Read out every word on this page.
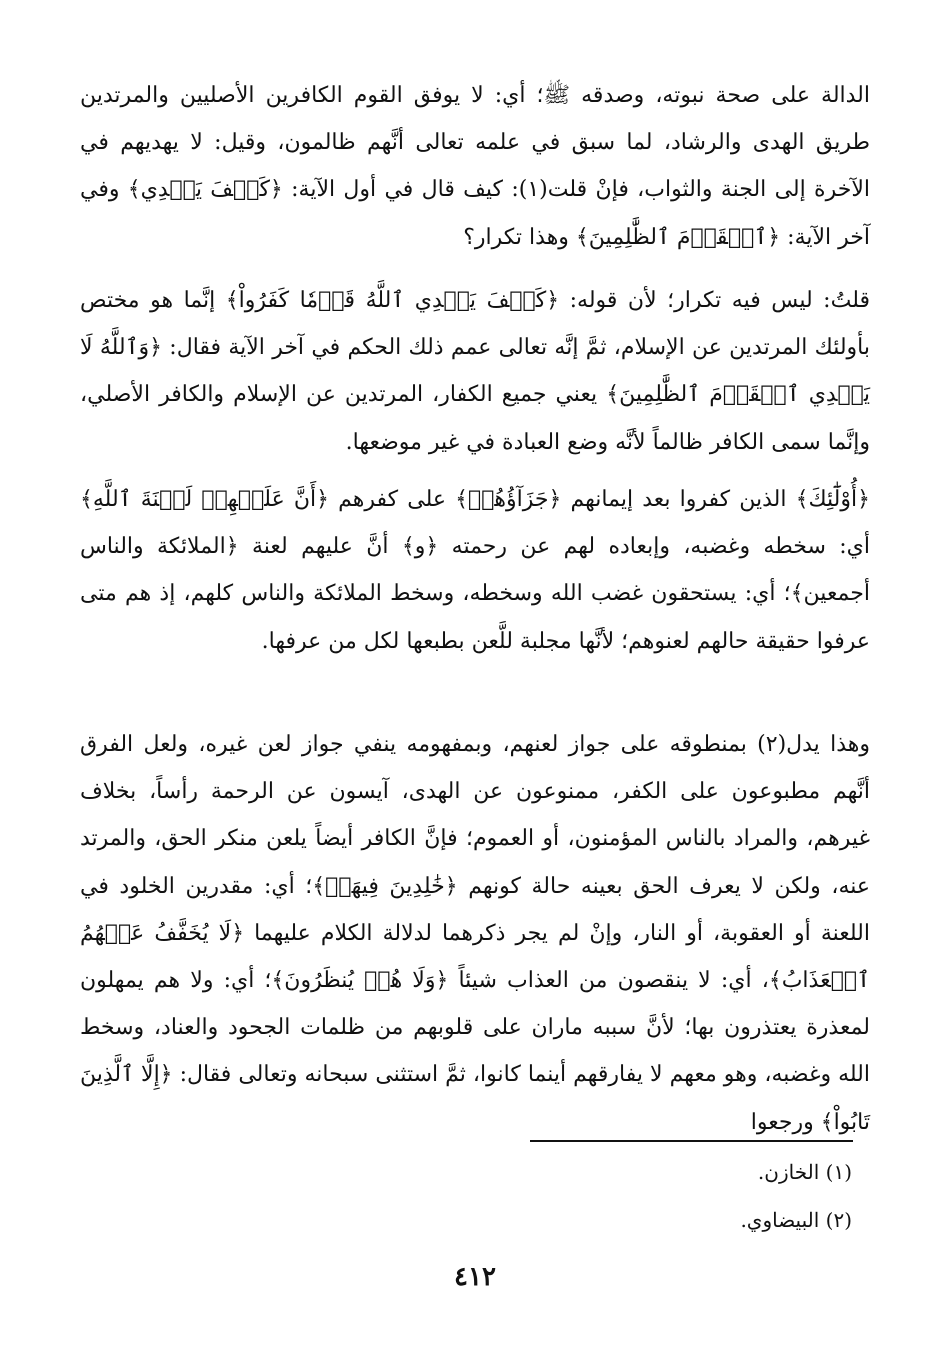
الدالة على صحة نبوته، وصدقه ﷺ؛ أي: لا يوفق القوم الكافرين الأصليين والمرتدين طريق الهدى والرشاد، لما سبق في علمه تعالى أنَّهم ظالمون، وقيل: لا يهديهم في الآخرة إلى الجنة والثواب، فإنْ قلت(١): كيف قال في أول الآية: ﴿كَيۡفَ يَهۡدِي﴾ وفي آخر الآية: ﴿ٱلۡقَوۡمَ ٱلظَّٰلِمِينَ﴾ وهذا تكرار؟

قلتُ: ليس فيه تكرار؛ لأن قوله: ﴿كَيۡفَ يَهۡدِي ٱللَّهُ قَوۡمٗا كَفَرُواْ﴾ إنَّما هو مختص بأولئك المرتدين عن الإسلام، ثمَّ إنَّه تعالى عمم ذلك الحكم في آخر الآية فقال: ﴿وَٱللَّهُ لَا يَهۡدِي ٱلۡقَوۡمَ ٱلظَّٰلِمِينَ﴾ يعني جميع الكفار، المرتدين عن الإسلام والكافر الأصلي، وإنَّما سمى الكافر ظالماً لأنَّه وضع العبادة في غير موضعها.

﴿أُوْلَٰٓئِكَ﴾ الذين كفروا بعد إيمانهم ﴿جَزَآؤُهُمۡ﴾ على كفرهم ﴿أَنَّ عَلَيۡهِمۡ لَعۡنَةَ ٱللَّهِ﴾ أي: سخطه وغضبه، وإبعاده لهم عن رحمته ﴿و﴾ أنَّ عليهم لعنة ﴿الملائكة والناس أجمعين﴾؛ أي: يستحقون غضب الله وسخطه، وسخط الملائكة والناس كلهم، إذ هم متى عرفوا حقيقة حالهم لعنوهم؛ لأنَّها مجلبة للَّعن بطبعها لكل من عرفها.

وهذا يدل(٢) بمنطوقه على جواز لعنهم، وبمفهومه ينفي جواز لعن غيره، ولعل الفرق أنَّهم مطبوعون على الكفر، ممنوعون عن الهدى، آيسون عن الرحمة رأساً، بخلاف غيرهم، والمراد بالناس المؤمنون، أو العموم؛ فإنَّ الكافر أيضاً يلعن منكر الحق، والمرتد عنه، ولكن لا يعرف الحق بعينه حالة كونهم ﴿خَٰلِدِينَ فِيهَاۖ﴾؛ أي: مقدرين الخلود في اللعنة أو العقوبة، أو النار، وإنْ لم يجر ذكرهما لدلالة الكلام عليهما ﴿لَا يُخَفَّفُ عَنۡهُمُ ٱلۡعَذَابُ﴾، أي: لا ينقصون من العذاب شيئاً ﴿وَلَا هُمۡ يُنظَرُونَ﴾؛ أي: ولا هم يمهلون لمعذرة يعتذرون بها؛ لأنَّ سببه ماران على قلوبهم من ظلمات الجحود والعناد، وسخط الله وغضبه، وهو معهم لا يفارقهم أينما كانوا، ثمَّ استثنى سبحانه وتعالى فقال: ﴿إِلَّا ٱلَّذِينَ تَابُواْ﴾ ورجعوا

(١) الخازن.
(٢) البيضاوي.
٤١٢
